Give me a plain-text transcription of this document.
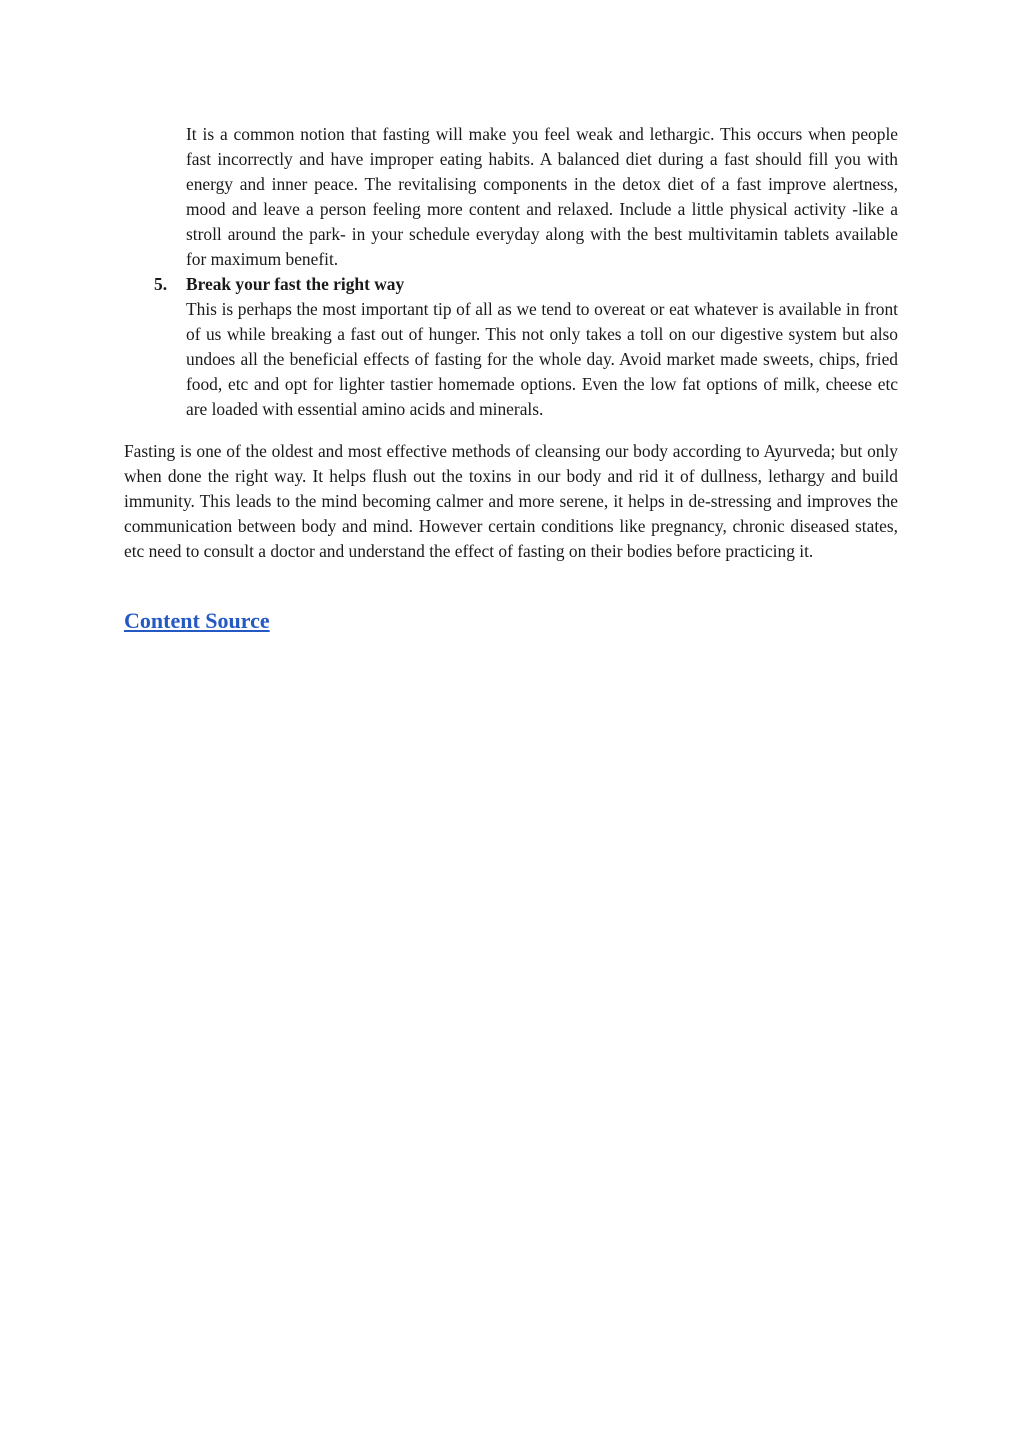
It is a common notion that fasting will make you feel weak and lethargic. This occurs when people fast incorrectly and have improper eating habits. A balanced diet during a fast should fill you with energy and inner peace. The revitalising components in the detox diet of a fast improve alertness, mood and leave a person feeling more content and relaxed. Include a little physical activity -like a stroll around the park- in your schedule everyday along with the best multivitamin tablets available for maximum benefit.

5.	Break your fast the right way

This is perhaps the most important tip of all as we tend to overeat or eat whatever is available in front of us while breaking a fast out of hunger. This not only takes a toll on our digestive system but also undoes all the beneficial effects of fasting for the whole day. Avoid market made sweets, chips, fried food, etc and opt for lighter tastier homemade options. Even the low fat options of milk, cheese etc are loaded with essential amino acids and minerals.

Fasting is one of the oldest and most effective methods of cleansing our body according to Ayurveda; but only when done the right way. It helps flush out the toxins in our body and rid it of dullness, lethargy and build immunity. This leads to the mind becoming calmer and more serene, it helps in de-stressing and improves the communication between body and mind. However certain conditions like pregnancy, chronic diseased states, etc need to consult a doctor and understand the effect of fasting on their bodies before practicing it.

Content Source
